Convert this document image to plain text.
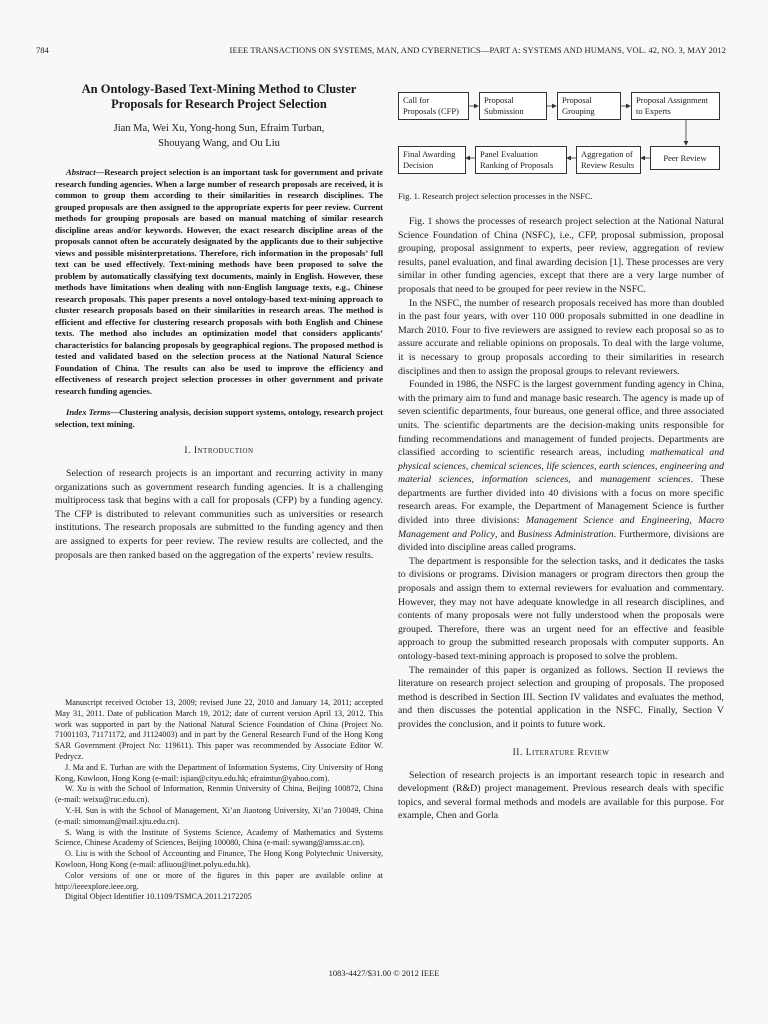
784	IEEE TRANSACTIONS ON SYSTEMS, MAN, AND CYBERNETICS—PART A: SYSTEMS AND HUMANS, VOL. 42, NO. 3, MAY 2012
An Ontology-Based Text-Mining Method to Cluster Proposals for Research Project Selection
Jian Ma, Wei Xu, Yong-hong Sun, Efraim Turban,
Shouyang Wang, and Ou Liu
Abstract—Research project selection is an important task for government and private research funding agencies. When a large number of research proposals are received, it is common to group them according to their similarities in research disciplines. The grouped proposals are then assigned to the appropriate experts for peer review. Current methods for grouping proposals are based on manual matching of similar research discipline areas and/or keywords. However, the exact research discipline areas of the proposals cannot often be accurately designated by the applicants due to their subjective views and possible misinterpretations. Therefore, rich information in the proposals’ full text can be used effectively. Text-mining methods have been proposed to solve the problem by automatically classifying text documents, mainly in English. However, these methods have limitations when dealing with non-English language texts, e.g., Chinese research proposals. This paper presents a novel ontology-based text-mining approach to cluster research proposals based on their similarities in research areas. The method is efficient and effective for clustering research proposals with both English and Chinese texts. The method also includes an optimization model that considers applicants’ characteristics for balancing proposals by geographical regions. The proposed method is tested and validated based on the selection process at the National Natural Science Foundation of China. The results can also be used to improve the efficiency and effectiveness of research project selection processes in other government and private research funding agencies.
Index Terms—Clustering analysis, decision support systems, ontology, research project selection, text mining.
I. Introduction

Selection of research projects is an important and recurring activity in many organizations such as government research funding agencies. It is a challenging multiprocess task that begins with a call for proposals (CFP) by a funding agency. The CFP is distributed to relevant communities such as universities or research institutions. The research proposals are submitted to the funding agency and then are assigned to experts for peer review. The review results are collected, and the proposals are then ranked based on the aggregation of the experts’ review results.

Manuscript received October 13, 2009; revised June 22, 2010 and January 14, 2011; accepted May 31, 2011. Date of publication March 19, 2012; date of current version April 13, 2012. This work was supported in part by the National Natural Science Foundation of China (Project No. 71001103, 71171172, and J1124003) and in part by the General Research Fund of the Hong Kong SAR Government (Project No: 119611). This paper was recommended by Associate Editor W. Pedrycz.

J. Ma and E. Turban are with the Department of Information Systems, City University of Hong Kong, Kowloon, Hong Kong (e-mail: isjian@cityu.edu.hk; efraimtur@yahoo.com).

W. Xu is with the School of Information, Renmin University of China, Beijing 100872, China (e-mail: weixu@ruc.edu.cn).

Y.-H. Sun is with the School of Management, Xi’an Jiaotong University, Xi’an 710049, China (e-mail: simonsun@mail.xjtu.edu.cn).

S. Wang is with the Institute of Systems Science, Academy of Mathematics and Systems Science, Chinese Academy of Sciences, Beijing 100080, China (e-mail: sywang@amss.ac.cn).

O. Liu is with the School of Accounting and Finance, The Hong Kong Polytechnic University, Kowloon, Hong Kong (e-mail: afliuou@inet.polyu.edu.hk).

Color versions of one or more of the figures in this paper are available online at http://ieeexplore.ieee.org.

Digital Object Identifier 10.1109/TSMCA.2011.2172205

Call for
Proposals (CFP)
Proposal
Submission
Proposal
Grouping
Proposal Assignment
to Experts
Peer Review
Aggregation of
Review Results
Panel Evaluation
Ranking of Proposals
Final Awarding
Decision
Fig. 1. Research project selection processes in the NSFC.

Fig. 1 shows the processes of research project selection at the National Natural Science Foundation of China (NSFC), i.e., CFP, proposal submission, proposal grouping, proposal assignment to experts, peer review, aggregation of review results, panel evaluation, and final awarding decision [1]. These processes are very similar in other funding agencies, except that there are a very large number of proposals that need to be grouped for peer review in the NSFC.

In the NSFC, the number of research proposals received has more than doubled in the past four years, with over 110 000 proposals submitted in one deadline in March 2010. Four to five reviewers are assigned to review each proposal so as to assure accurate and reliable opinions on proposals. To deal with the large volume, it is necessary to group proposals according to their similarities in research disciplines and then to assign the proposal groups to relevant reviewers.

Founded in 1986, the NSFC is the largest government funding agency in China, with the primary aim to fund and manage basic research. The agency is made up of seven scientific departments, four bureaus, one general office, and three associated units. The scientific departments are the decision-making units responsible for funding recommendations and management of funded projects. Departments are classified according to scientific research areas, including mathematical and physical sciences, chemical sciences, life sciences, earth sciences, engineering and material sciences, information sciences, and management sciences. These departments are further divided into 40 divisions with a focus on more specific research areas. For example, the Department of Management Science is further divided into three divisions: Management Science and Engineering, Macro Management and Policy, and Business Administration. Furthermore, divisions are divided into discipline areas called programs.

The department is responsible for the selection tasks, and it dedicates the tasks to divisions or programs. Division managers or program directors then group the proposals and assign them to external reviewers for evaluation and commentary. However, they may not have adequate knowledge in all research disciplines, and contents of many proposals were not fully understood when the proposals were grouped. Therefore, there was an urgent need for an effective and feasible approach to group the submitted research proposals with computer supports. An ontology-based text-mining approach is proposed to solve the problem.

The remainder of this paper is organized as follows. Section II reviews the literature on research project selection and grouping of proposals. The proposed method is described in Section III. Section IV validates and evaluates the method, and then discusses the potential application in the NSFC. Finally, Section V provides the conclusion, and it points to future work.

II. Literature Review

Selection of research projects is an important research topic in research and development (R&D) project management. Previous research deals with specific topics, and several formal methods and models are available for this purpose. For example, Chen and Gorla

1083-4427/$31.00 © 2012 IEEE
